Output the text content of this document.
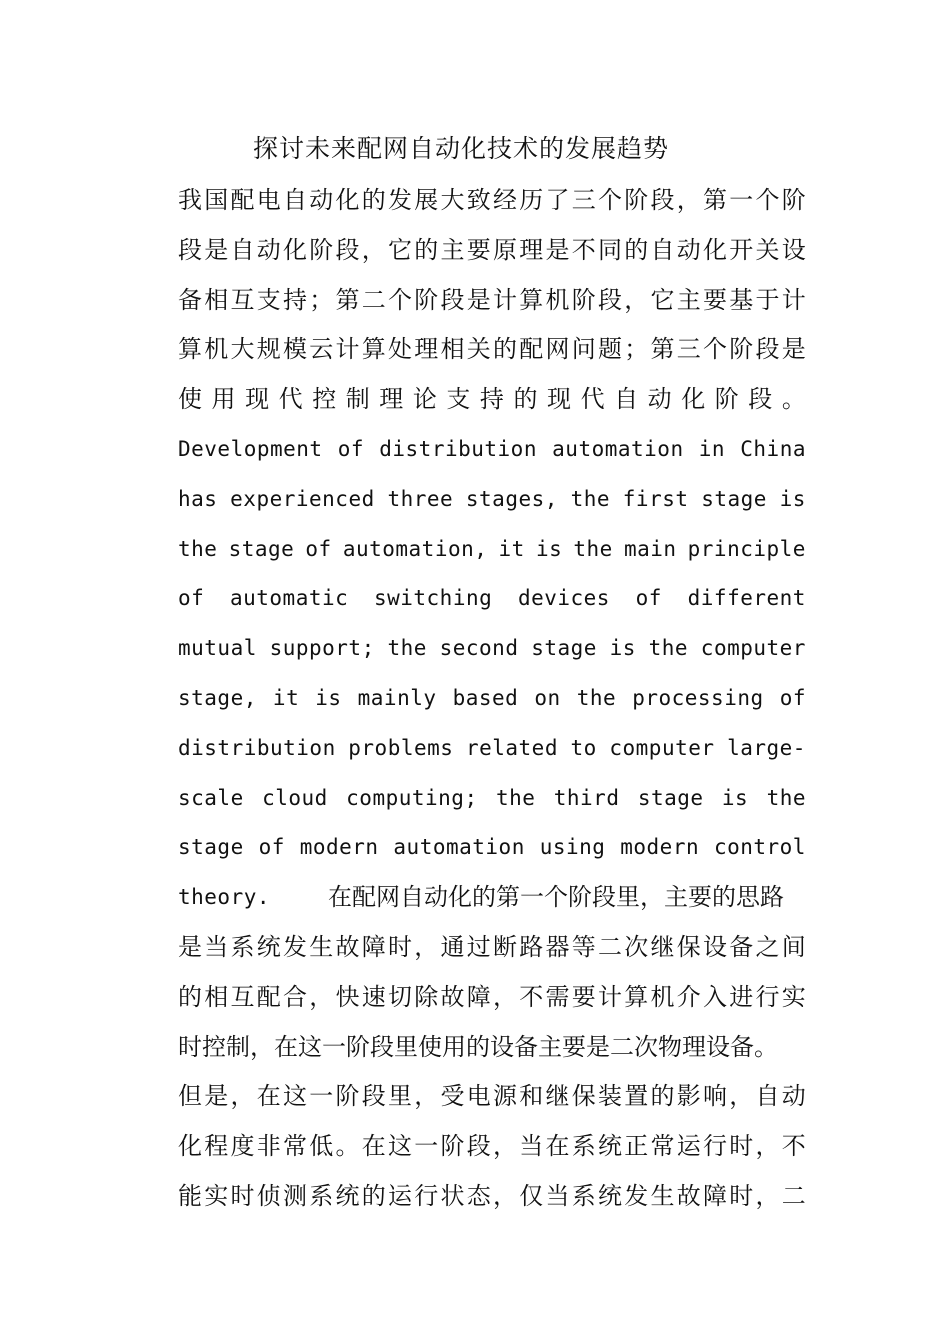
探讨未来配网自动化技术的发展趋势
我 国 配 电 自 动 化 的 发 展 大 致 经 历 了 三 个 阶 段 ， 第 一 个 阶
段 是 自 动 化 阶 段 ， 它 的 主 要 原 理 是 不 同 的 自 动 化 开 关 设
备 相 互 支 持 ； 第 二 个 阶 段 是 计 算 机 阶 段 ， 它 主 要 基 于 计
算 机 大 规 模 云 计 算 处 理 相 关 的 配 网 问 题 ； 第 三 个 阶 段 是
使 用 现 代 控 制 理 论 支 持 的 现 代 自 动 化 阶 段 。
Development of distribution automation in China
has experienced three stages, the first stage is
the stage of automation, it is the main principle
of automatic switching devices of different
mutual support; the second stage is the computer
stage, it is mainly based on the processing of
distribution problems related to computer large-
scale cloud computing; the third stage is the
stage of modern automation using modern control
theory. 在配网自动化的第一个阶段里，主要的思路
是 当 系 统 发 生 故 障 时 ， 通 过 断 路 器 等 二 次 继 保 设 备 之 间
的 相 互 配 合 ， 快 速 切 除 故 障 ， 不 需 要 计 算 机 介 入 进 行 实
时 控 制 ， 在 这 一 阶 段 里 使 用 的 设 备 主 要 是 二 次 物 理 设 备 。
但 是 ， 在 这 一 阶 段 里 ， 受 电 源 和 继 保 装 置 的 影 响 ， 自 动
化 程 度 非 常 低 。 在 这 一 阶 段 ， 当 在 系 统 正 常 运 行 时 ， 不
能 实 时 侦 测 系 统 的 运 行 状 态 ， 仅 当 系 统 发 生 故 障 时 ， 二
